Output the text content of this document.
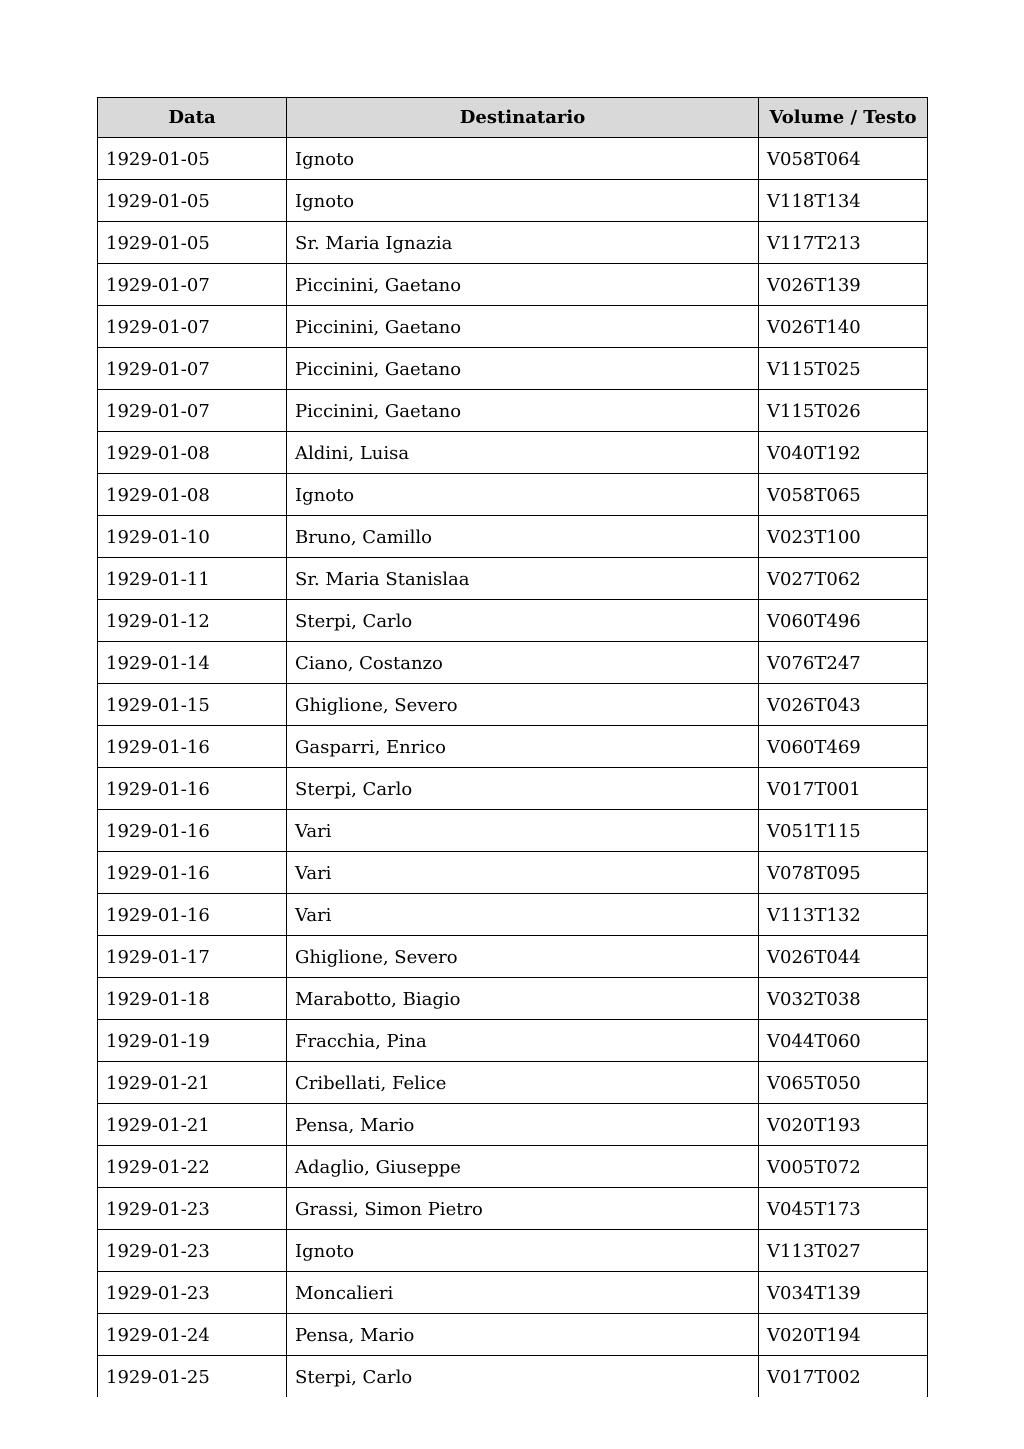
Data	Destinatario	Volume / Testo
1929-01-05	Ignoto	V058T064
1929-01-05	Ignoto	V118T134
1929-01-05	Sr. Maria Ignazia	V117T213
1929-01-07	Piccinini, Gaetano	V026T139
1929-01-07	Piccinini, Gaetano	V026T140
1929-01-07	Piccinini, Gaetano	V115T025
1929-01-07	Piccinini, Gaetano	V115T026
1929-01-08	Aldini, Luisa	V040T192
1929-01-08	Ignoto	V058T065
1929-01-10	Bruno, Camillo	V023T100
1929-01-11	Sr. Maria Stanislaa	V027T062
1929-01-12	Sterpi, Carlo	V060T496
1929-01-14	Ciano, Costanzo	V076T247
1929-01-15	Ghiglione, Severo	V026T043
1929-01-16	Gasparri, Enrico	V060T469
1929-01-16	Sterpi, Carlo	V017T001
1929-01-16	Vari	V051T115
1929-01-16	Vari	V078T095
1929-01-16	Vari	V113T132
1929-01-17	Ghiglione, Severo	V026T044
1929-01-18	Marabotto, Biagio	V032T038
1929-01-19	Fracchia, Pina	V044T060
1929-01-21	Cribellati, Felice	V065T050
1929-01-21	Pensa, Mario	V020T193
1929-01-22	Adaglio, Giuseppe	V005T072
1929-01-23	Grassi, Simon Pietro	V045T173
1929-01-23	Ignoto	V113T027
1929-01-23	Moncalieri	V034T139
1929-01-24	Pensa, Mario	V020T194
1929-01-25	Sterpi, Carlo	V017T002
